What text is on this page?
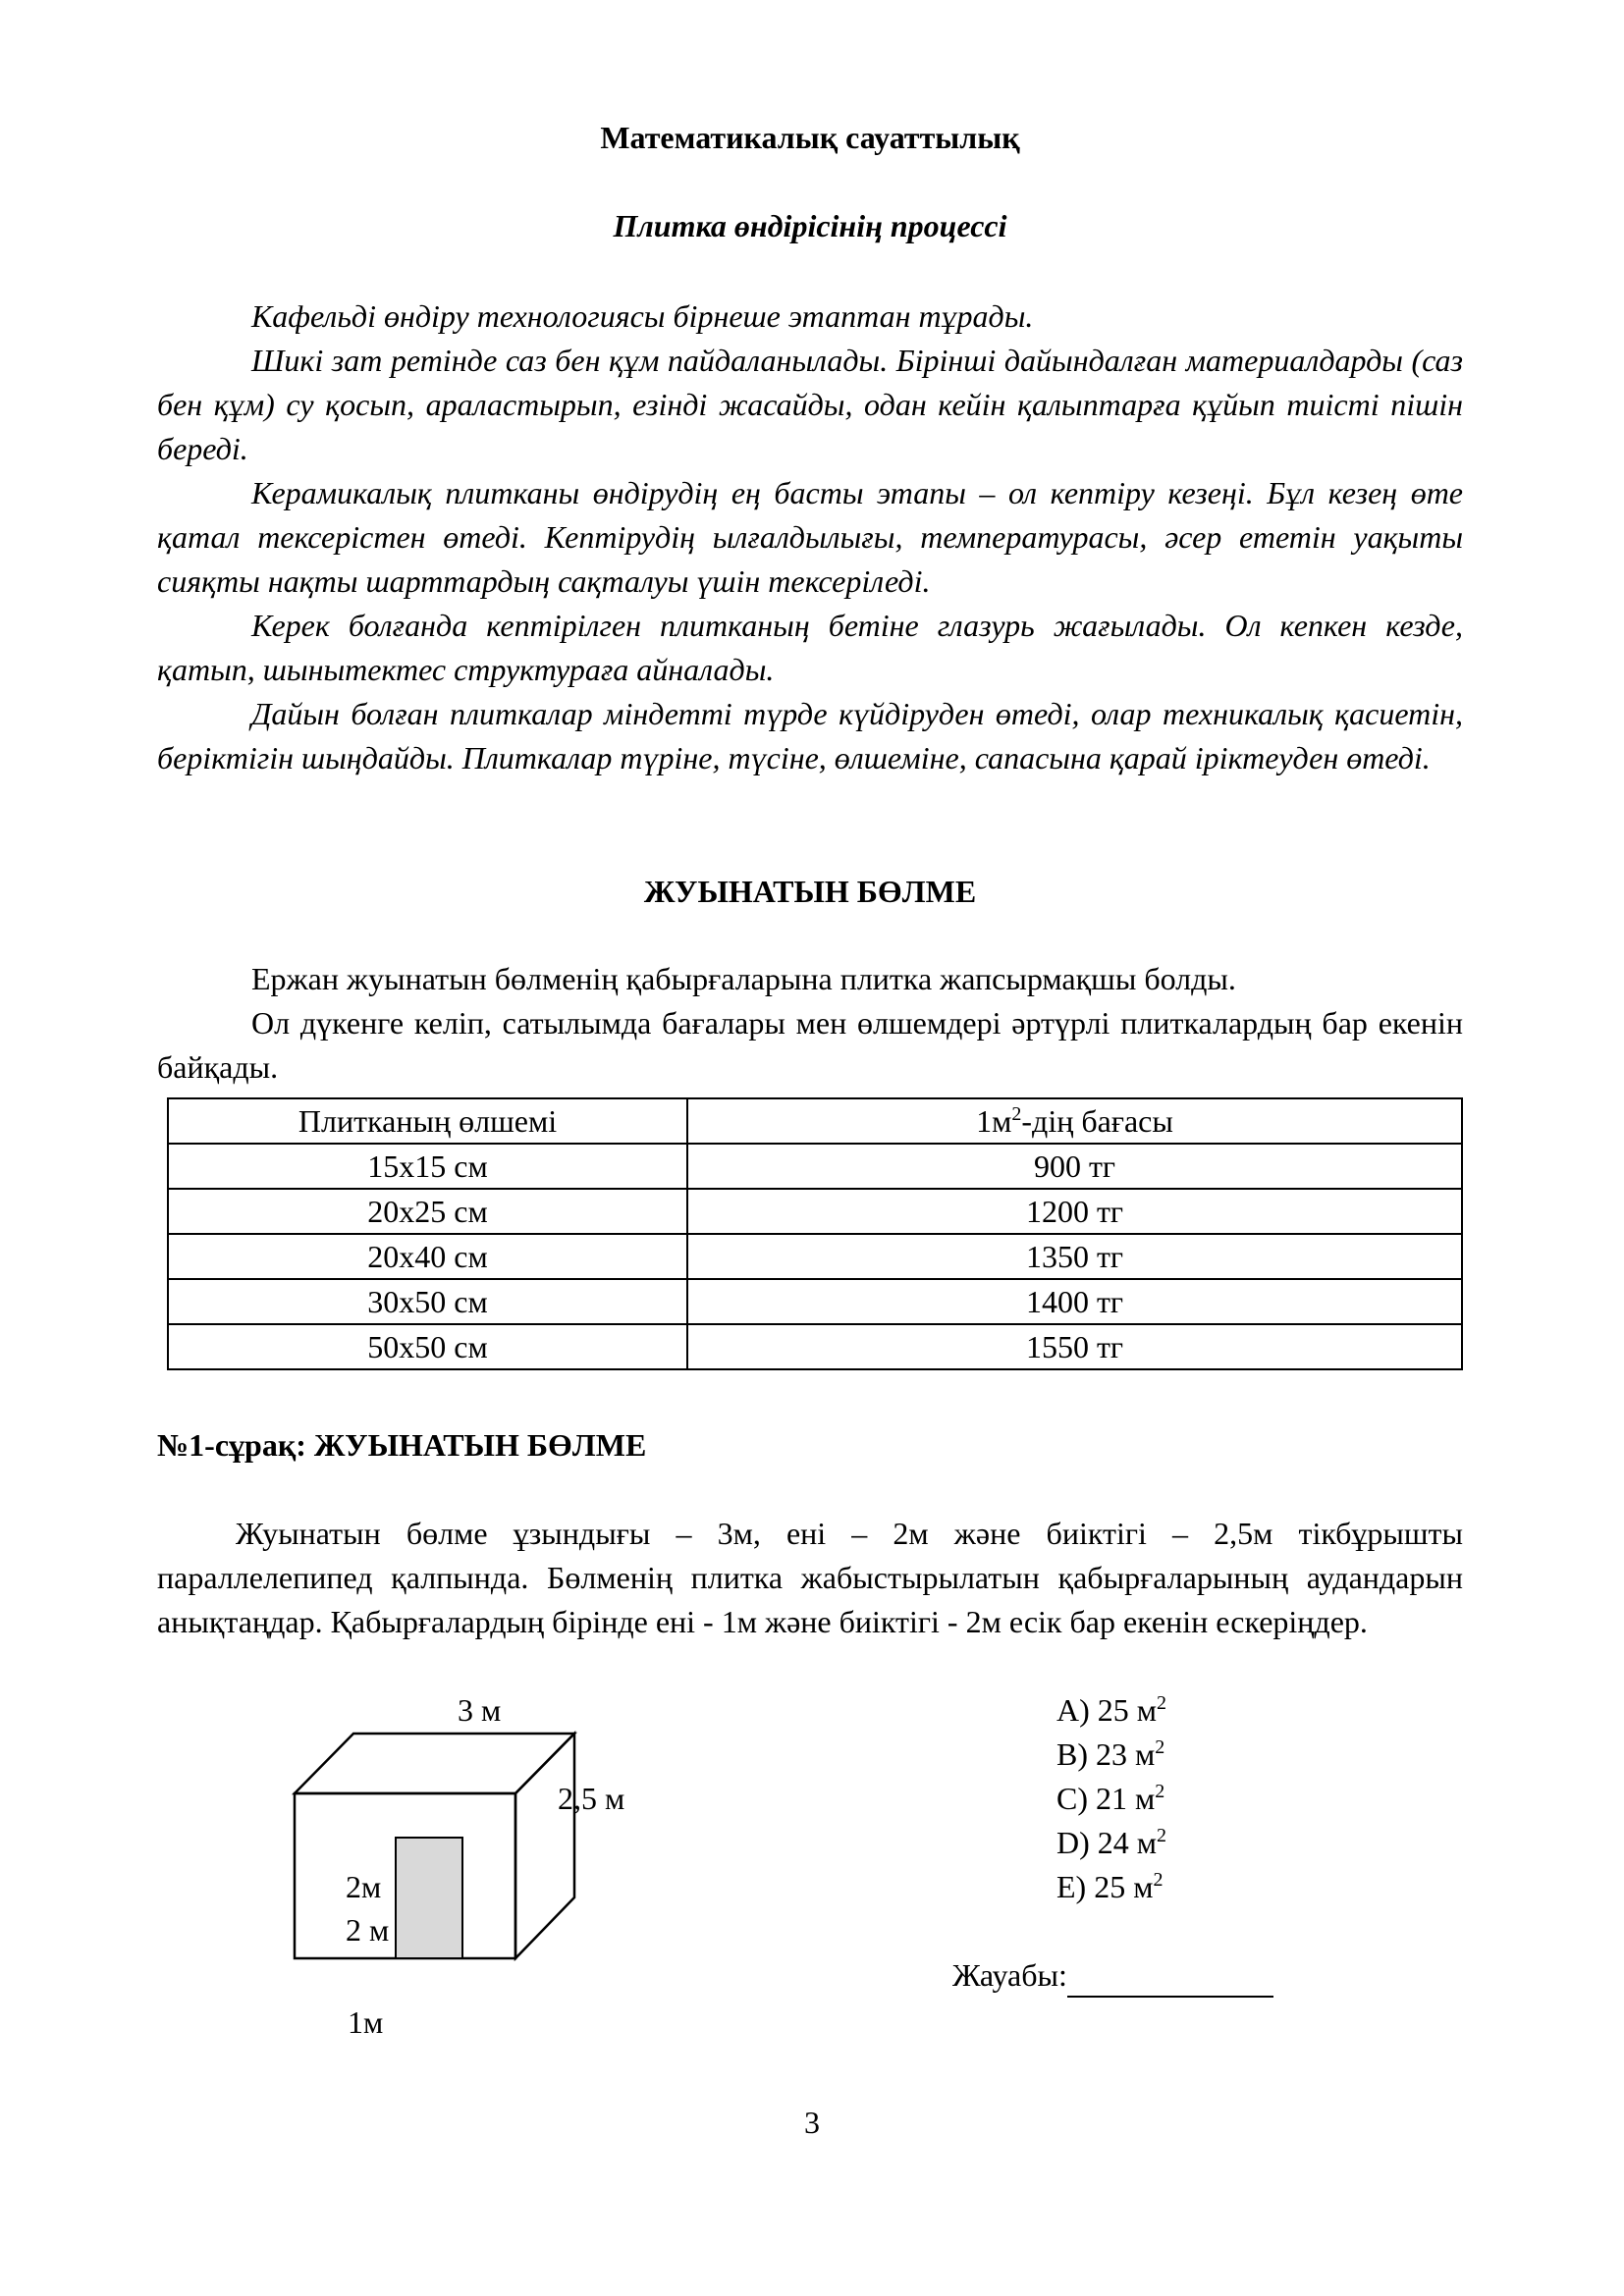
Математикалық сауаттылық
Плитка өндірісінің процессі
Кафельді өндіру технологиясы бірнеше этаптан тұрады.
Шикі зат ретінде саз бен құм пайдаланылады. Бірінші дайындалған материалдарды (саз бен құм) су қосып, араластырып, езінді жасайды, одан кейін қалыптарға құйып тиісті пішін береді.
Керамикалық плитканы өндірудің ең басты этапы – ол кептіру кезеңі. Бұл кезең өте қатал тексерістен өтеді. Кептірудің ылғалдылығы, температурасы, әсер ететін уақыты сияқты нақты шарттардың сақталуы үшін тексеріледі.
Керек болғанда кептірілген плитканың бетіне глазурь жағылады. Ол кепкен кезде, қатып, шынытектес структураға айналады.
Дайын болған плиткалар міндетті түрде күйдіруден өтеді, олар техникалық қасиетін, беріктігін шыңдайды. Плиткалар түріне, түсіне, өлшеміне, сапасына қарай іріктеуден өтеді.
ЖУЫНАТЫН БӨЛМЕ
Ержан жуынатын бөлменің қабырғаларына плитка жапсырмақшы болды.
Ол дүкенге келіп, сатылымда бағалары мен өлшемдері әртүрлі плиткалардың бар екенін байқады.
Плитканың өлшемі	$1м^2$-дің бағасы
15х15 см	900 тг
20х25 см	1200 тг
20х40 см	1350 тг
30х50 см	1400 тг
50х50 см	1550 тг
№1-сұрақ: ЖУЫНАТЫН БӨЛМЕ
Жуынатын бөлме ұзындығы – 3м, ені – 2м және биіктігі – 2,5м тікбұрышты параллелепипед қалпында. Бөлменің плитка жабыстырылатын қабырғаларының аудандарын анықтаңдар. Қабырғалардың бірінде ені - 1м және биіктігі - 2м есік бар екенін ескеріңдер.
A) 25 $м^2$
B) 23 $м^2$
C) 21 $м^2$
D) 24 $м^2$
E) 25 $м^2$
Жауабы:
3 м
2,5 м
2м
2 м
1м
3
